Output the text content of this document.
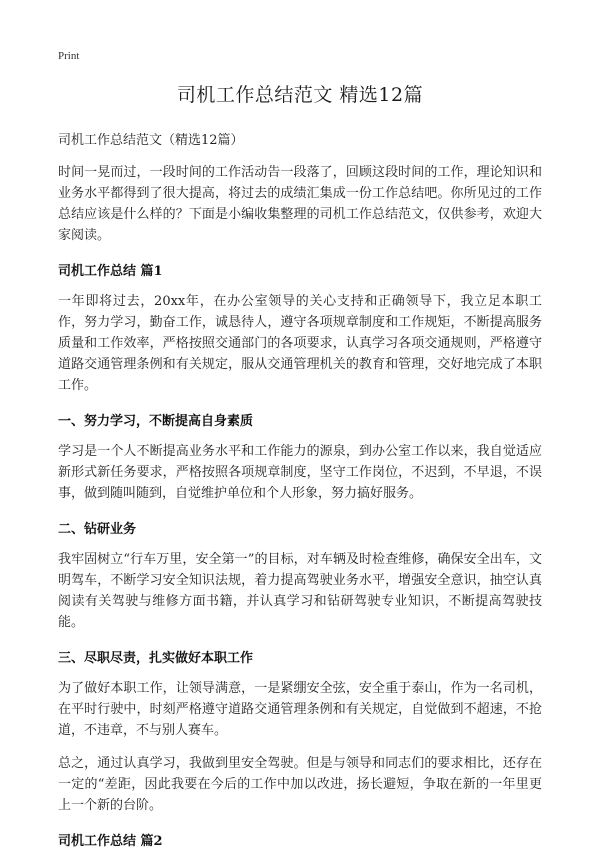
Print
司机工作总结范文 精选12篇
司机工作总结范文（精选12篇）

时间一晃而过，一段时间的工作活动告一段落了，回顾这段时间的工作，理论知识和业务水平都得到了很大提高，将过去的成绩汇集成一份工作总结吧。你所见过的工作总结应该是什么样的？下面是小编收集整理的司机工作总结范文，仅供参考，欢迎大家阅读。

司机工作总结 篇1

一年即将过去，20xx年，在办公室领导的关心支持和正确领导下，我立足本职工作，努力学习，勤奋工作，诚恳待人，遵守各项规章制度和工作规矩，不断提高服务质量和工作效率，严格按照交通部门的各项要求，认真学习各项交通规则，严格遵守道路交通管理条例和有关规定，服从交通管理机关的教育和管理，交好地完成了本职工作。

一、努力学习，不断提高自身素质

学习是一个人不断提高业务水平和工作能力的源泉，到办公室工作以来，我自觉适应新形式新任务要求，严格按照各项规章制度，坚守工作岗位，不迟到，不早退，不误事，做到随叫随到，自觉维护单位和个人形象，努力搞好服务。

二、钻研业务

我牢固树立“行车万里，安全第一”的目标，对车辆及时检查维修，确保安全出车，文明驾车，不断学习安全知识法规，着力提高驾驶业务水平，增强安全意识，抽空认真阅读有关驾驶与维修方面书籍，并认真学习和钻研驾驶专业知识，不断提高驾驶技能。

三、尽职尽责，扎实做好本职工作

为了做好本职工作，让领导满意，一是紧绷安全弦，安全重于泰山，作为一名司机，在平时行驶中，时刻严格遵守道路交通管理条例和有关规定，自觉做到不超速，不抢道，不违章，不与别人赛车。

总之，通过认真学习，我做到里安全驾驶。但是与领导和同志们的要求相比，还存在一定的“差距，因此我要在今后的工作中加以改进，扬长避短，争取在新的一年里更上一个新的台阶。

司机工作总结 篇2
